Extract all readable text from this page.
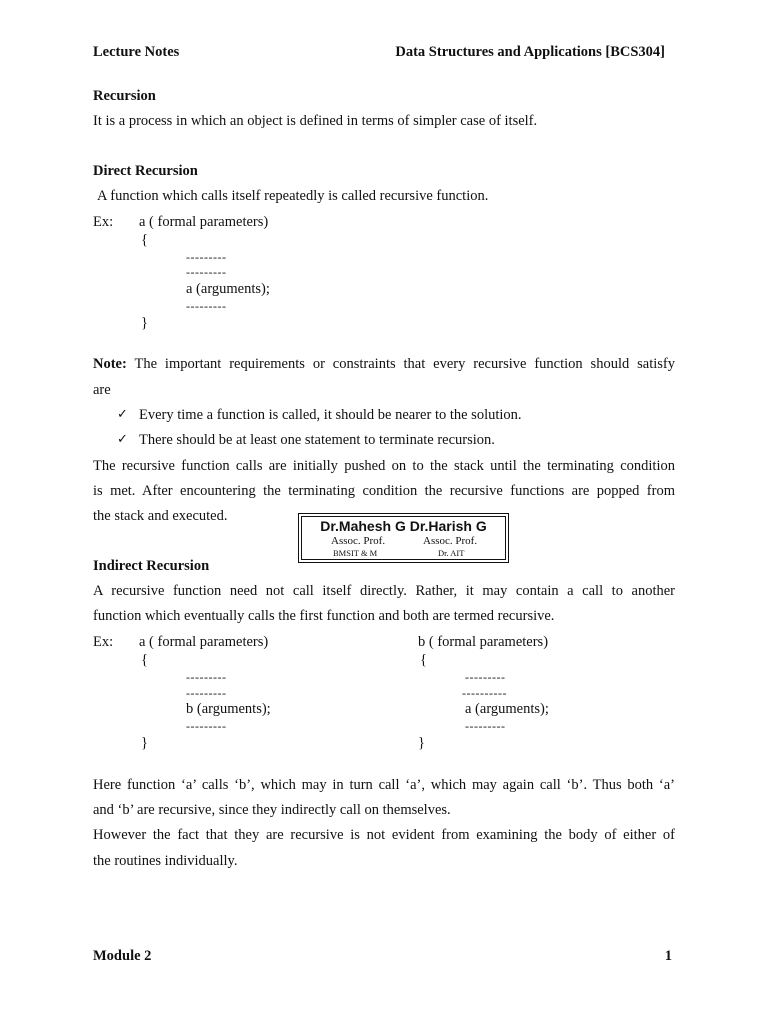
Lecture Notes	Data Structures and Applications [BCS304]
Recursion
It is a process in which an object is defined in terms of simpler case of itself.
Direct Recursion
A function which calls itself repeatedly is called recursive function.
Ex: a ( formal parameters)
{
---------
---------
a (arguments);
---------
}
Note: The important requirements or constraints that every recursive function should satisfy
are
✓ Every time a function is called, it should be nearer to the solution.
✓ There should be at least one statement to terminate recursion.
The recursive function calls are initially pushed on to the stack until the terminating condition
is met. After encountering the terminating condition the recursive functions are popped from
the stack and executed.
Dr.Mahesh G Dr.Harish G
Assoc. Prof.	Assoc. Prof.
BMSIT & M	Dr. AIT
Indirect Recursion
A recursive function need not call itself directly. Rather, it may contain a call to another
function which eventually calls the first function and both are termed recursive.
Ex: a ( formal parameters)	b ( formal parameters)
{	{
---------	---------
---------	----------
b (arguments);	a (arguments);
---------	---------
}	}
Here function ‘a’ calls ‘b’, which may in turn call ‘a’, which may again call ‘b’. Thus both ‘a’
and ‘b’ are recursive, since they indirectly call on themselves.
However the fact that they are recursive is not evident from examining the body of either of
the routines individually.
Module 2	1
